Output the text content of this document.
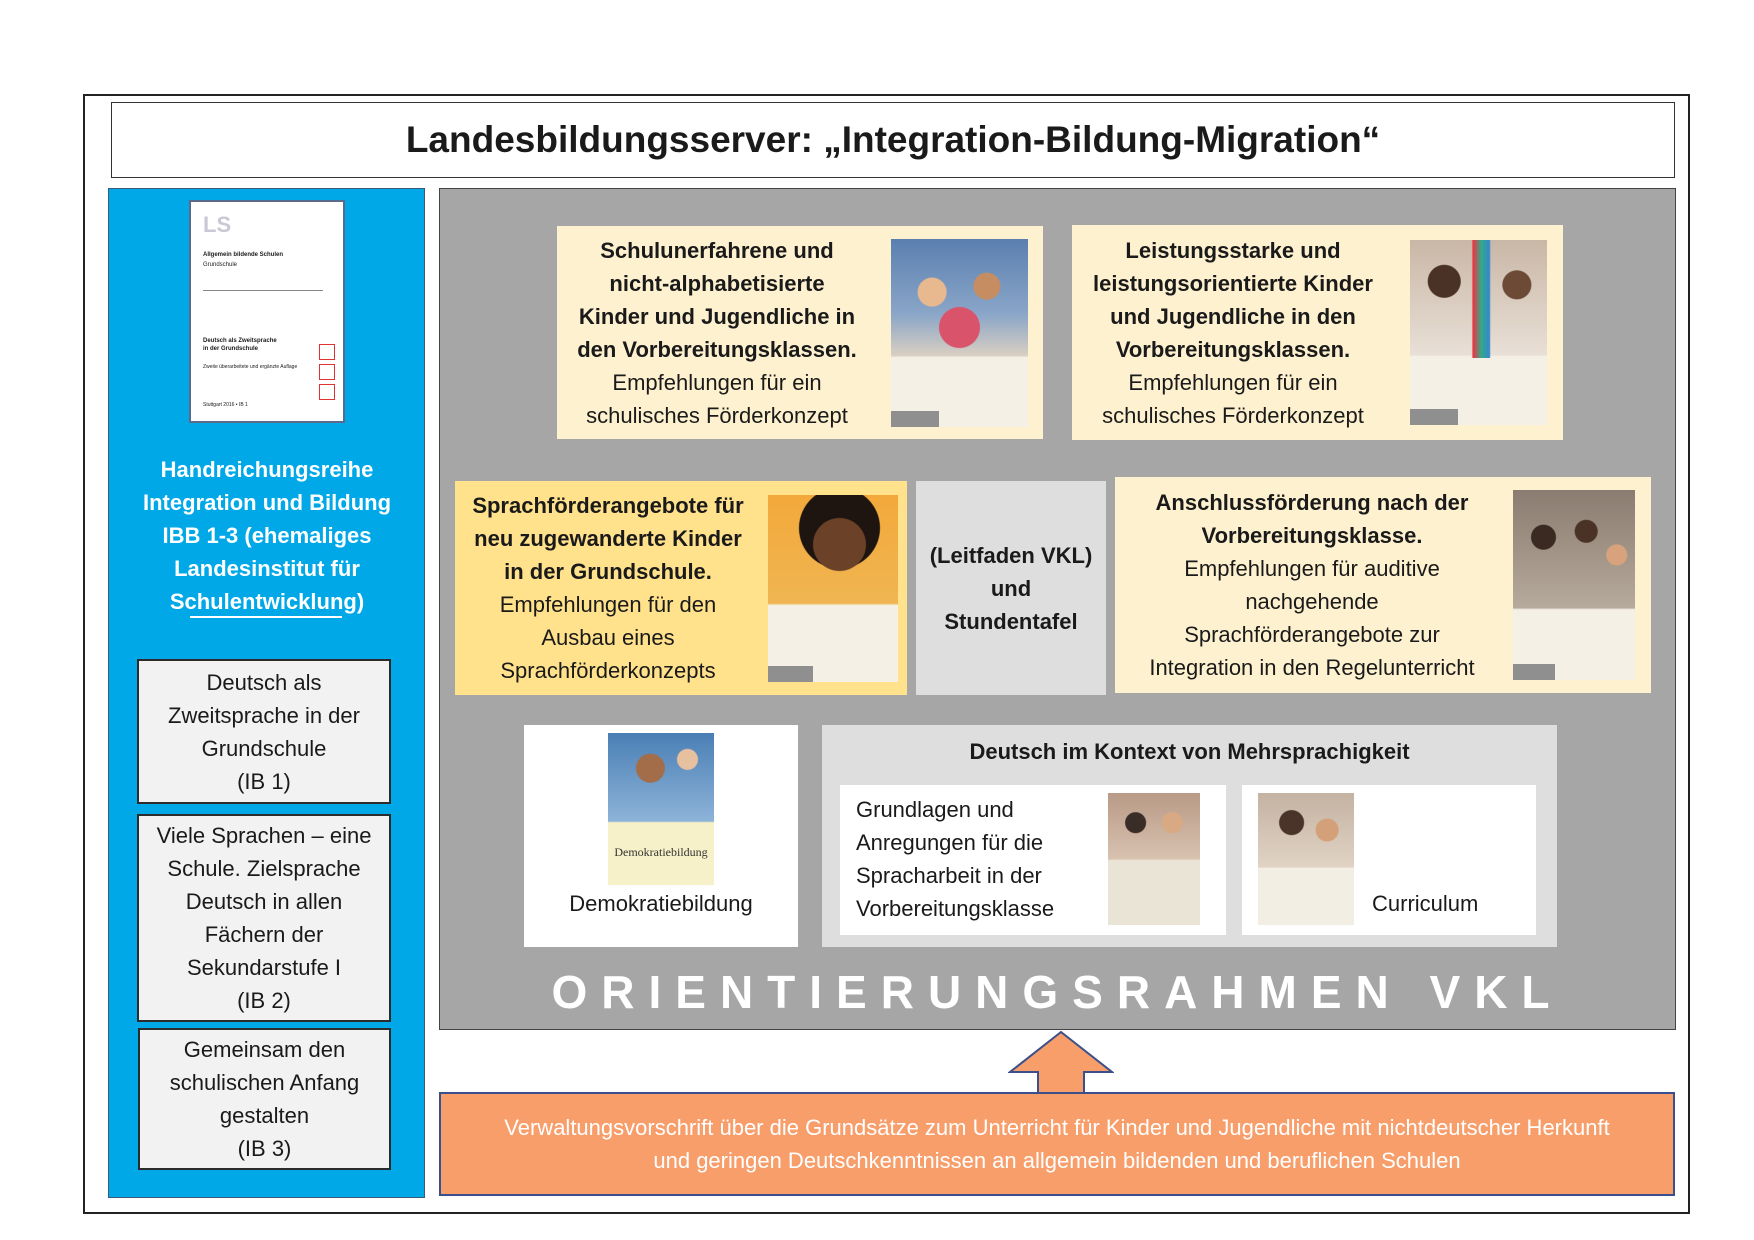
Landesbildungsserver: „Integration-Bildung-Migration“
LS
Allgemein bildende Schulen
Grundschule
Deutsch als Zweitsprache
in der Grundschule
Zweite überarbeitete und ergänzte Auflage
Stuttgart 2016 • IB 1
Handreichungsreihe
Integration und Bildung
IBB 1-3 (ehemaliges
Landesinstitut für
Schulentwicklung)
Deutsch als
Zweitsprache in der
Grundschule
(IB 1)
Viele Sprachen – eine
Schule. Zielsprache
Deutsch in allen
Fächern der
Sekundarstufe I
(IB 2)
Gemeinsam den
schulischen Anfang
gestalten
(IB 3)
Schulunerfahrene und
nicht-alphabetisierte
Kinder und Jugendliche in
den Vorbereitungsklassen.
Empfehlungen für ein
schulisches Förderkonzept
Leistungsstarke und
leistungsorientierte Kinder
und Jugendliche in den
Vorbereitungsklassen.
Empfehlungen für ein
schulisches Förderkonzept
Sprachförderangebote für
neu zugewanderte Kinder
in der Grundschule.
Empfehlungen für den
Ausbau eines
Sprachförderkonzepts
(Leitfaden VKL)
und
Stundentafel
Anschlussförderung nach der
Vorbereitungsklasse.
Empfehlungen für auditive
nachgehende
Sprachförderangebote zur
Integration in den Regelunterricht
Demokratiebildung
Demokratiebildung
Deutsch im Kontext von Mehrsprachigkeit
Grundlagen und
Anregungen für die
Spracharbeit in der
Vorbereitungsklasse	Curriculum
ORIENTIERUNGSRAHMEN VKL
Verwaltungsvorschrift über die Grundsätze zum Unterricht für Kinder und Jugendliche mit nichtdeutscher Herkunft
und geringen Deutschkenntnissen an allgemein bildenden und beruflichen Schulen
